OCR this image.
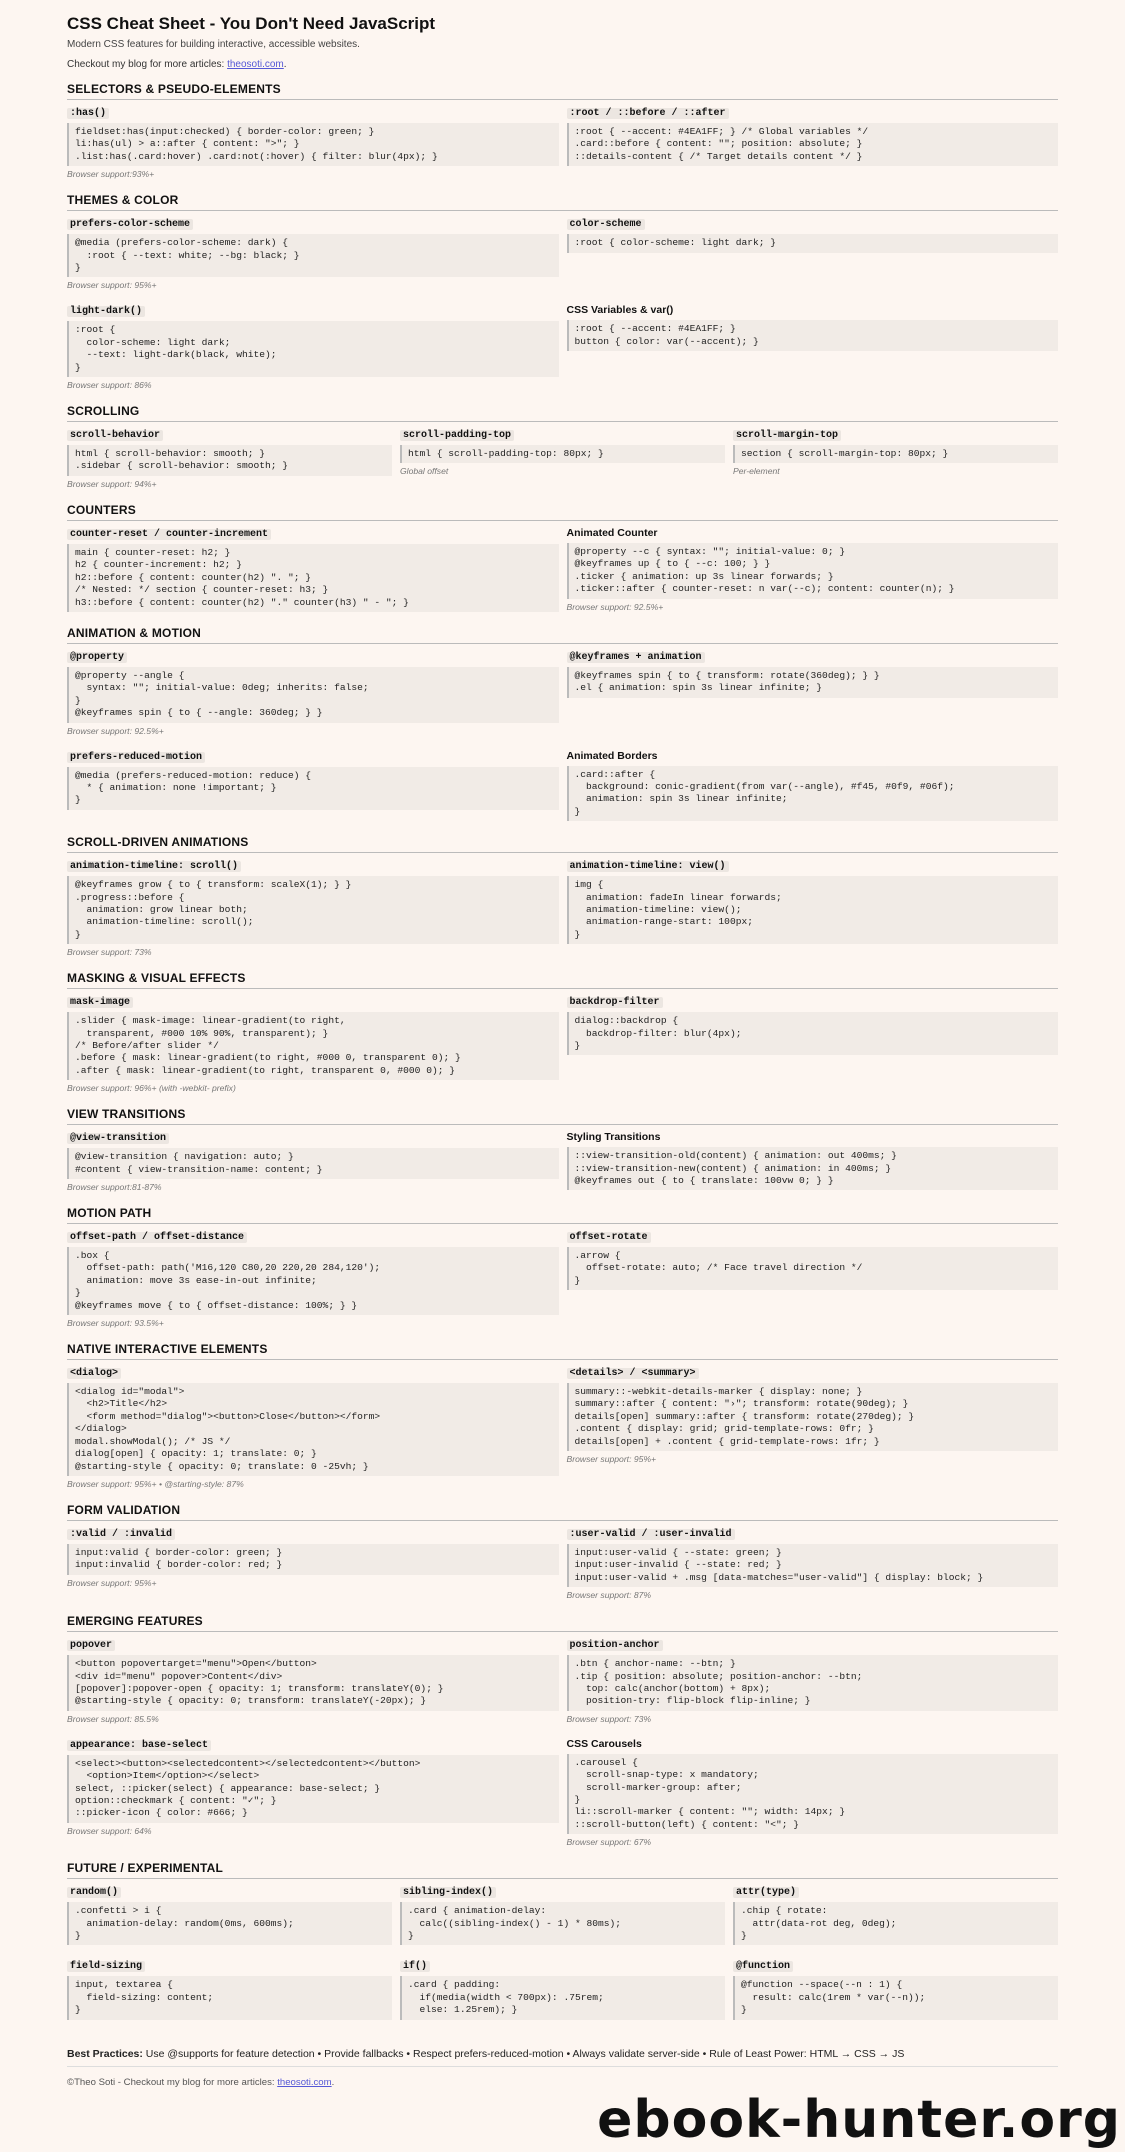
CSS Cheat Sheet - You Don't Need JavaScript

Modern CSS features for building interactive, accessible websites.

Checkout my blog for more articles: theosoti.com.

SELECTORS & PSEUDO-ELEMENTS
:has()
fieldset:has(input:checked) { border-color: green; }
li:has(ul) > a::after { content: ">"; }
.list:has(.card:hover) .card:not(:hover) { filter: blur(4px); }
Browser support:93%+
:root / ::before / ::after
:root { --accent: #4EA1FF; } /* Global variables */
.card::before { content: ""; position: absolute; }
::details-content { /* Target details content */ }
THEMES & COLOR
prefers-color-scheme
@media (prefers-color-scheme: dark) {
:root { --text: white; --bg: black; }
}
Browser support: 95%+
color-scheme
:root { color-scheme: light dark; }
light-dark()
:root {
color-scheme: light dark;
--text: light-dark(black, white);
}
Browser support: 86%
CSS Variables & var()
:root { --accent: #4EA1FF; }
button { color: var(--accent); }
SCROLLING
scroll-behavior
html { scroll-behavior: smooth; }
.sidebar { scroll-behavior: smooth; }
Browser support: 94%+
scroll-padding-top
html { scroll-padding-top: 80px; }
Global offset
scroll-margin-top
section { scroll-margin-top: 80px; }
Per-element
COUNTERS
counter-reset / counter-increment
main { counter-reset: h2; }
h2 { counter-increment: h2; }
h2::before { content: counter(h2) ". "; }
/* Nested: */ section { counter-reset: h3; }
h3::before { content: counter(h2) "." counter(h3) " - "; }
Animated Counter
@property --c { syntax: ""; initial-value: 0; }
@keyframes up { to { --c: 100; } }
.ticker { animation: up 3s linear forwards; }
.ticker::after { counter-reset: n var(--c); content: counter(n); }
Browser support: 92.5%+
ANIMATION & MOTION
@property
@property --angle {
syntax: ""; initial-value: 0deg; inherits: false;
}
@keyframes spin { to { --angle: 360deg; } }
Browser support: 92.5%+
@keyframes + animation
@keyframes spin { to { transform: rotate(360deg); } }
.el { animation: spin 3s linear infinite; }
prefers-reduced-motion
@media (prefers-reduced-motion: reduce) {
* { animation: none !important; }
}
Animated Borders
.card::after {
background: conic-gradient(from var(--angle), #f45, #0f9, #06f);
animation: spin 3s linear infinite;
}
SCROLL-DRIVEN ANIMATIONS
animation-timeline: scroll()
@keyframes grow { to { transform: scaleX(1); } }
.progress::before {
animation: grow linear both;
animation-timeline: scroll();
}
Browser support: 73%
animation-timeline: view()
img {
animation: fadeIn linear forwards;
animation-timeline: view();
animation-range-start: 100px;
}
MASKING & VISUAL EFFECTS
mask-image
.slider { mask-image: linear-gradient(to right,
transparent, #000 10% 90%, transparent); }
/* Before/after slider */
.before { mask: linear-gradient(to right, #000 0, transparent 0); }
.after { mask: linear-gradient(to right, transparent 0, #000 0); }
Browser support: 96%+ (with -webkit- prefix)
backdrop-filter
dialog::backdrop {
backdrop-filter: blur(4px);
}
VIEW TRANSITIONS
@view-transition
@view-transition { navigation: auto; }
#content { view-transition-name: content; }
Browser support:81-87%
Styling Transitions
::view-transition-old(content) { animation: out 400ms; }
::view-transition-new(content) { animation: in 400ms; }
@keyframes out { to { translate: 100vw 0; } }
MOTION PATH
offset-path / offset-distance
.box {
offset-path: path('M16,120 C80,20 220,20 284,120');
animation: move 3s ease-in-out infinite;
}
@keyframes move { to { offset-distance: 100%; } }
Browser support: 93.5%+
offset-rotate
.arrow {
offset-rotate: auto; /* Face travel direction */
}
NATIVE INTERACTIVE ELEMENTS
<dialog>
<dialog id="modal">
<h2>Title</h2>
<form method="dialog"><button>Close</button></form>
</dialog>
modal.showModal(); /* JS */
dialog[open] { opacity: 1; translate: 0; }
@starting-style { opacity: 0; translate: 0 -25vh; }
Browser support: 95%+ • @starting-style: 87%
<details> / <summary>
summary::-webkit-details-marker { display: none; }
summary::after { content: "›"; transform: rotate(90deg); }
details[open] summary::after { transform: rotate(270deg); }
.content { display: grid; grid-template-rows: 0fr; }
details[open] + .content { grid-template-rows: 1fr; }
Browser support: 95%+
FORM VALIDATION
:valid / :invalid
input:valid { border-color: green; }
input:invalid { border-color: red; }
Browser support: 95%+
:user-valid / :user-invalid
input:user-valid { --state: green; }
input:user-invalid { --state: red; }
input:user-valid + .msg [data-matches="user-valid"] { display: block; }
Browser support: 87%
EMERGING FEATURES
popover
<button popovertarget="menu">Open</button>
<div id="menu" popover>Content</div>
[popover]:popover-open { opacity: 1; transform: translateY(0); }
@starting-style { opacity: 0; transform: translateY(-20px); }
Browser support: 85.5%
position-anchor
.btn { anchor-name: --btn; }
.tip { position: absolute; position-anchor: --btn;
top: calc(anchor(bottom) + 8px);
position-try: flip-block flip-inline; }
Browser support: 73%
appearance: base-select
<select><button><selectedcontent></selectedcontent></button>
<option>Item</option></select>
select, ::picker(select) { appearance: base-select; }
option::checkmark { content: "✓"; }
::picker-icon { color: #666; }
Browser support: 64%
CSS Carousels
.carousel {
scroll-snap-type: x mandatory;
scroll-marker-group: after;
}
li::scroll-marker { content: ""; width: 14px; }
::scroll-button(left) { content: "<"; }
Browser support: 67%
FUTURE / EXPERIMENTAL
random()
.confetti > i {
animation-delay: random(0ms, 600ms);
}
sibling-index()
.card { animation-delay:
calc((sibling-index() - 1) * 80ms);
}
attr(type)
.chip { rotate:
attr(data-rot deg, 0deg);
}
field-sizing
input, textarea {
field-sizing: content;
}
if()
.card { padding:
if(media(width < 700px): .75rem;
else: 1.25rem); }
@function
@function --space(--n : 1) {
result: calc(1rem * var(--n));
}
Best Practices: Use @supports for feature detection • Provide fallbacks • Respect prefers-reduced-motion • Always validate server-side • Rule of Least Power: HTML → CSS → JS
©Theo Soti - Checkout my blog for more articles: theosoti.com.
ebook-hunter.org
